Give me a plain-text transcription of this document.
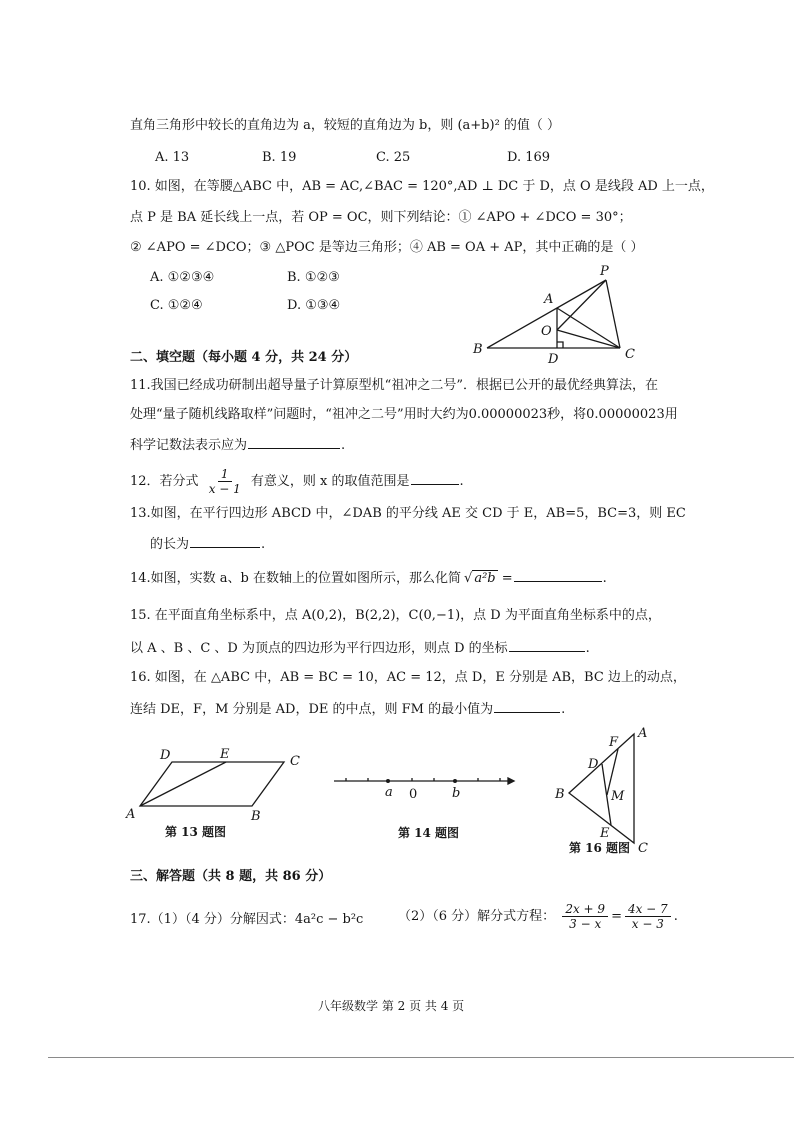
直角三角形中较长的直角边为 a，较短的直角边为 b，则 (a+b)² 的值（ ）
A. 13	B. 19	C. 25	D. 169
10. 如图，在等腰△ABC 中，AB = AC,∠BAC = 120°,AD ⊥ DC 于 D，点 O 是线段 AD 上一点，
点 P 是 BA 延长线上一点，若 OP = OC，则下列结论：① ∠APO + ∠DCO = 30°；
② ∠APO = ∠DCO；③ △POC 是等边三角形；④ AB = OA + AP，其中正确的是（ ）
A. ①②③④	B. ①②③
C. ①②④	D. ①③④
P
A
O
B
D	C
二、填空题（每小题 4 分，共 24 分）
11.我国已经成功研制出超导量子计算原型机“祖冲之二号”．根据已公开的最优经典算法，在
处理“量子随机线路取样”问题时，“祖冲之二号”用时大约为0.00000023秒，将0.00000023用
科学记数法表示应为	.
12．若分式 $\frac{1}{x - 1}$ 有意义，则 x 的取值范围是	.
13.如图，在平行四边形 ABCD 中，∠DAB 的平分线 AE 交 CD 于 E，AB=5，BC=3，则 EC
的长为	.
14.如图，实数 a、b 在数轴上的位置如图所示，那么化简 √ a²b =	.
15. 在平面直角坐标系中，点 A(0,2)，B(2,2)，C(0,−1)，点 D 为平面直角坐标系中的点，
以 A 、B 、C 、D 为顶点的四边形为平行四边形，则点 D 的坐标	.
16. 如图，在 △ABC 中，AB = BC = 10，AC = 12，点 D，E 分别是 AB，BC 边上的动点，
连结 DE，F，M 分别是 AD，DE 的中点，则 FM 的最小值为	.
D	E	C
A	B
第 13 题图
a 0	b
第 14 题图
A
F
D
M
B
E
C
第 16 题图
三、解答题（共 8 题，共 86 分）
17.（1）（4 分）分解因式：4a²c − b²c	（2）（6 分）解分式方程： $\frac{2x + 9}{3 - x} = \frac{4x - 7}{x - 3}$ .
八年级数学 第 2 页 共 4 页
